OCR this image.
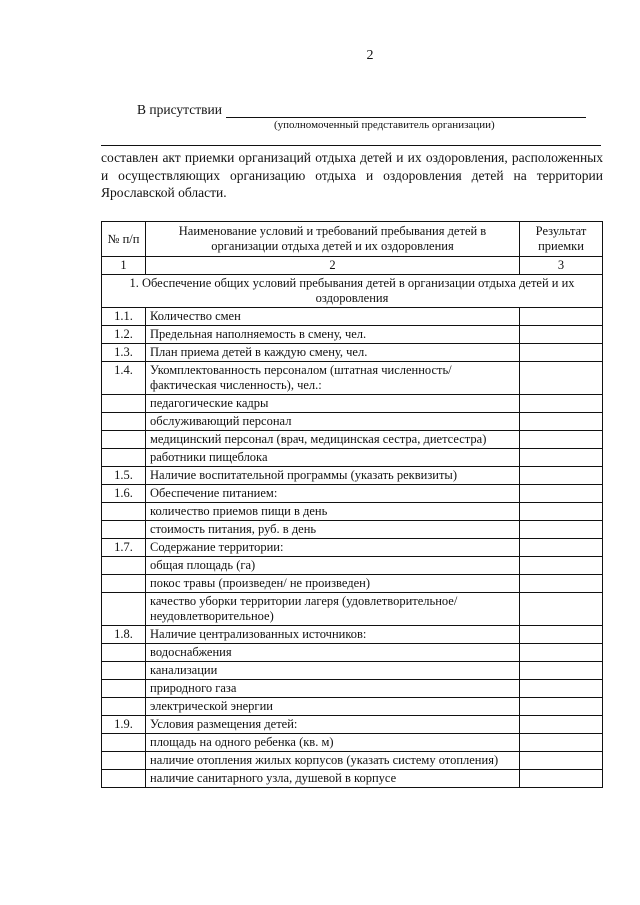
2
В присутствии
(уполномоченный представитель организации)

составлен акт приемки организаций отдыха детей и их оздоровления, расположенных и осуществляющих организацию отдыха и оздоровления детей на территории Ярославской области.

№ п/п	Наименование условий и требований пребывания детей в организации отдыха детей и их оздоровления	Результат приемки
1	2	3
1. Обеспечение общих условий пребывания детей в организации отдыха детей и их оздоровления		
1.1.	Количество смен	
1.2.	Предельная наполняемость в смену, чел.	
1.3.	План приема детей в каждую смену, чел.	
1.4.	Укомплектованность персоналом (штатная численность/ фактическая численность), чел.:	
	педагогические кадры	
	обслуживающий персонал	
	медицинский персонал (врач, медицинская сестра, диетсестра)	
	работники пищеблока	
1.5.	Наличие воспитательной программы (указать реквизиты)	
1.6.	Обеспечение питанием:	
	количество приемов пищи в день	
	стоимость питания, руб. в день	
1.7.	Содержание территории:	
	общая площадь (га)	
	покос травы (произведен/ не произведен)	
	качество уборки территории лагеря (удовлетворительное/неудовлетворительное)	
1.8.	Наличие централизованных источников:	
	водоснабжения	
	канализации	
	природного газа	
	электрической энергии	
1.9.	Условия размещения детей:	
	площадь на одного ребенка (кв. м)	
	наличие отопления жилых корпусов (указать систему отопления)	
	наличие санитарного узла, душевой в корпусе	
